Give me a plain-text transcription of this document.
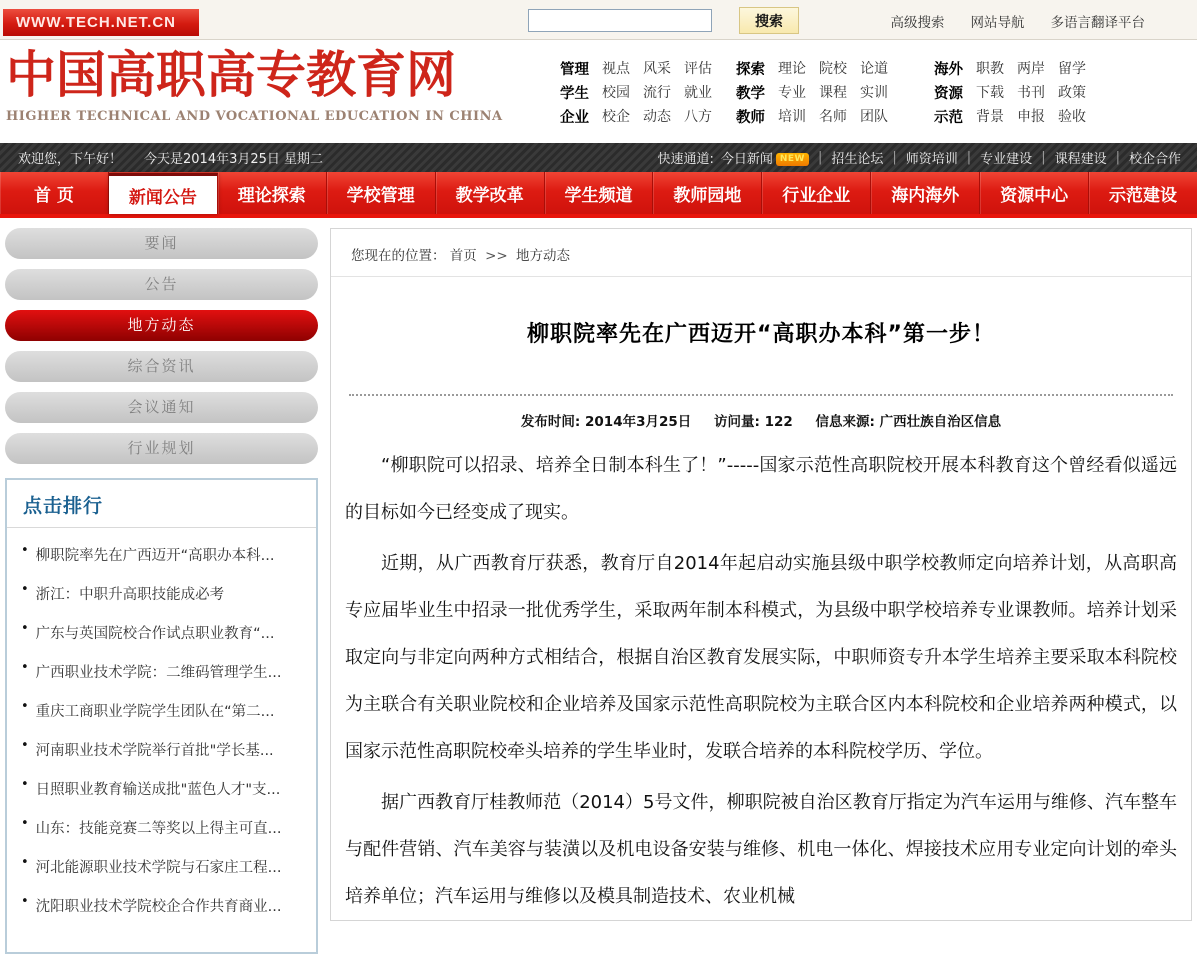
WWW.TECH.NET.CN	搜索	高级搜索 网站导航 多语言翻译平台
中国高职高专教育网
HIGHER TECHNICAL AND VOCATIONAL EDUCATION IN CHINA
管理 视点 风采 评估
学生 校园 流行 就业
企业 校企 动态 八方
探索 理论 院校 论道
教学 专业 课程 实训
教师 培训 名师 团队
海外 职教 两岸 留学
资源 下载 书刊 政策
示范 背景 申报 验收
欢迎您，下午好！ 今天是2014年3月25日 星期二	快速通道: 今日新闻 NEW	| 招生论坛 | 师资培训 | 专业建设 | 课程建设 | 校企合作
首 页	新闻公告	理论探索	学校管理	教学改革	学生频道	教师园地	行业企业	海内海外	资源中心	示范建设
要闻
公告
地方动态
综合资讯
会议通知
行业规划
点击排行
• 柳职院率先在广西迈开“高职办本科...
• 浙江：中职升高职技能成必考
• 广东与英国院校合作试点职业教育“...
• 广西职业技术学院：二维码管理学生...
• 重庆工商职业学院学生团队在“第二...
• 河南职业技术学院举行首批"学长基...
• 日照职业教育输送成批"蓝色人才"支...
• 山东：技能竞赛二等奖以上得主可直...
• 河北能源职业技术学院与石家庄工程...
• 沈阳职业技术学院校企合作共育商业...
您现在的位置： 首页 >> 地方动态
柳职院率先在广西迈开“高职办本科”第一步！
发布时间: 2014年3月25日 访问量: 122 信息来源: 广西壮族自治区信息

“柳职院可以招录、培养全日制本科生了！”-----国家示范性高职院校开展本科教育这个曾经看似遥远的目标如今已经变成了现实。

近期，从广西教育厅获悉，教育厅自2014年起启动实施县级中职学校教师定向培养计划，从高职高专应届毕业生中招录一批优秀学生，采取两年制本科模式，为县级中职学校培养专业课教师。培养计划采取定向与非定向两种方式相结合，根据自治区教育发展实际，中职师资专升本学生培养主要采取本科院校为主联合有关职业院校和企业培养及国家示范性高职院校为主联合区内本科院校和企业培养两种模式，以国家示范性高职院校牵头培养的学生毕业时，发联合培养的本科院校学历、学位。

据广西教育厅桂教师范（2014）5号文件，柳职院被自治区教育厅指定为汽车运用与维修、汽车整车与配件营销、汽车美容与装潢以及机电设备安装与维修、机电一体化、焊接技术应用专业定向计划的牵头培养单位；汽车运用与维修以及模具制造技术、农业机械
